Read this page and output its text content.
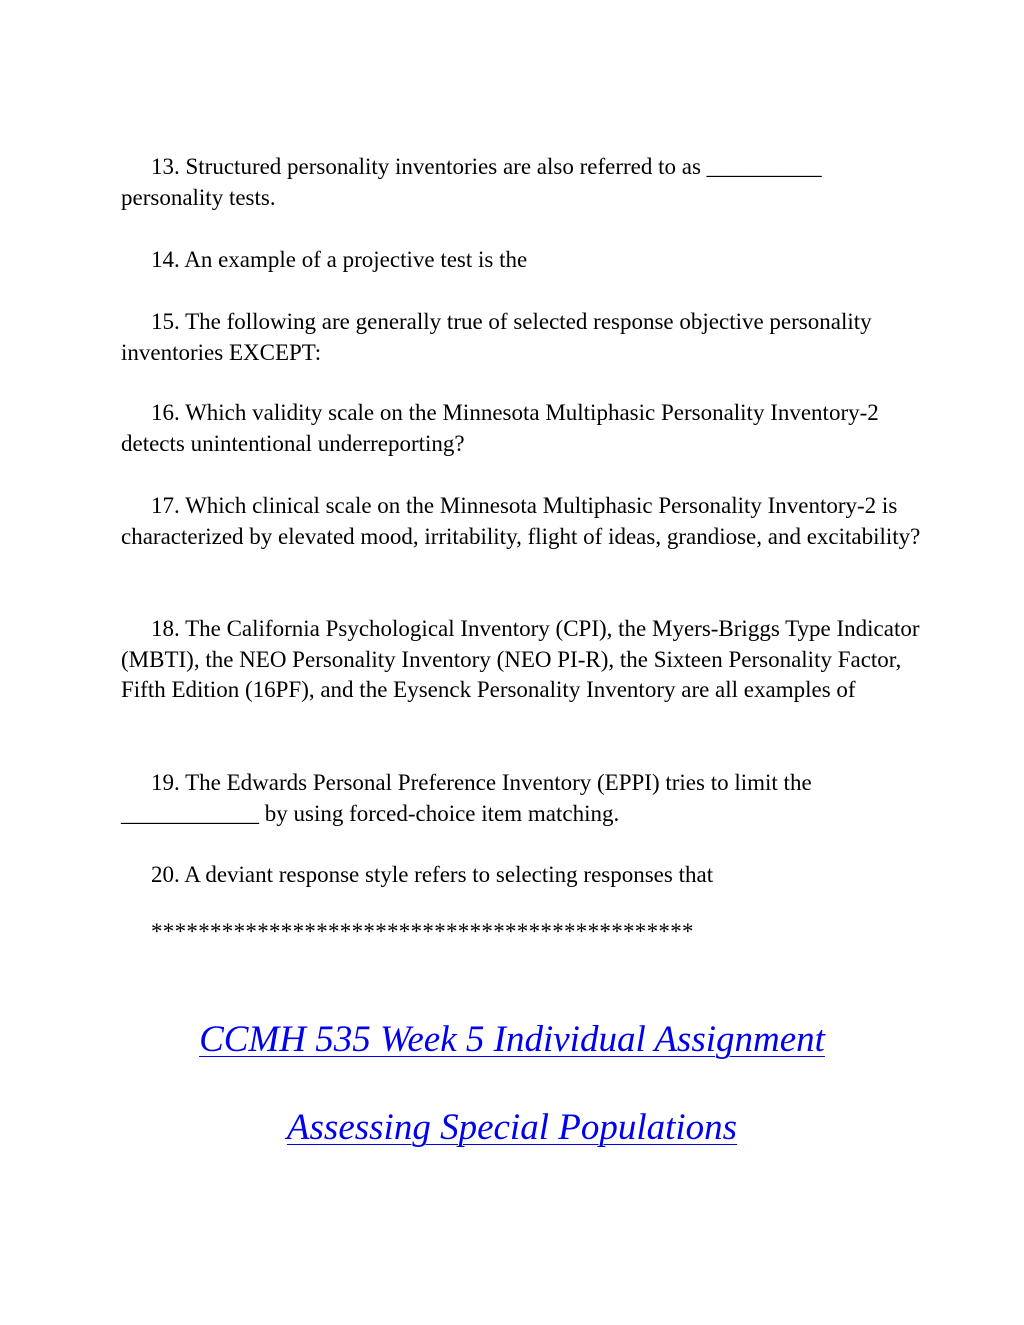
13. Structured personality inventories are also referred to as __________ personality tests.

14. An example of a projective test is the

15. The following are generally true of selected response objective personality inventories EXCEPT:

16. Which validity scale on the Minnesota Multiphasic Personality Inventory-2 detects unintentional underreporting?

17. Which clinical scale on the Minnesota Multiphasic Personality Inventory-2 is characterized by elevated mood, irritability, flight of ideas, grandiose, and excitability?

18. The California Psychological Inventory (CPI), the Myers-Briggs Type Indicator (MBTI), the NEO Personality Inventory (NEO PI-R), the Sixteen Personality Factor, Fifth Edition (16PF), and the Eysenck Personality Inventory are all examples of

19. The Edwards Personal Preference Inventory (EPPI) tries to limit the ____________ by using forced-choice item matching.

20. A deviant response style refers to selecting responses that

**********************************************

CCMH 535 Week 5 Individual Assignment
Assessing Special Populations
